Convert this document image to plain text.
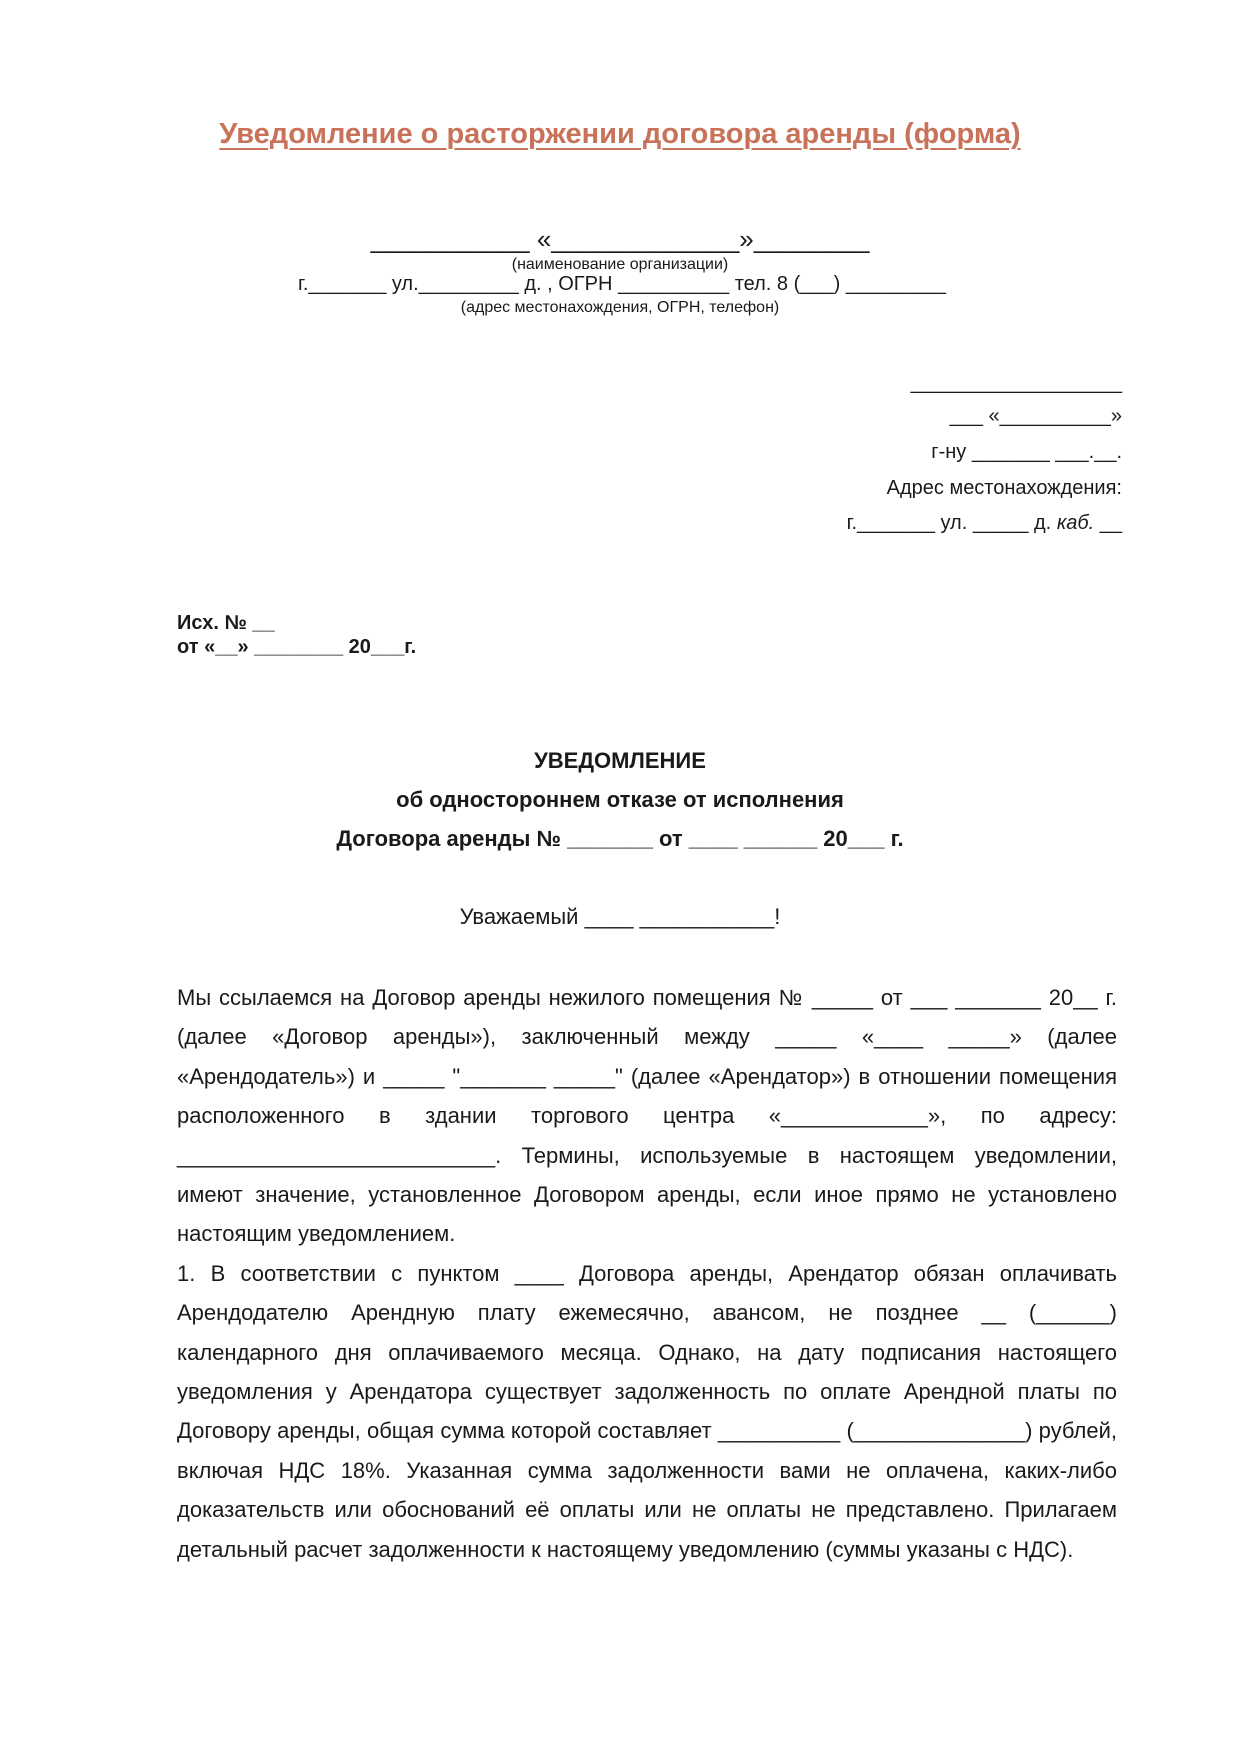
Уведомление о расторжении договора аренды (форма)
___________ «_____________»________
(наименование организации)
г._______ ул._________ д. , ОГРН __________ тел. 8 (___) _________
(адрес местонахождения, ОГРН, телефон)
___________________
___ «__________»
г-ну _______ ___.__.
Адрес местонахождения:
г._______ ул. _____ д. каб. __
Исх. № __
от «__» ________ 20___г.
УВЕДОМЛЕНИЕ
об одностороннем отказе от исполнения
Договора аренды № _______ от ____ ______ 20___ г.
Уважаемый ____ ___________!

Мы ссылаемся на Договор аренды нежилого помещения № _____ от ___ _______ 20__ г. (далее «Договор аренды»), заключенный между _____ «____ _____» (далее «Арендодатель») и _____ "_______ _____" (далее «Арендатор») в отношении помещения расположенного в здании торгового центра «____________», по адресу: __________________________. Термины, используемые в настоящем уведомлении, имеют значение, установленное Договором аренды, если иное прямо не установлено настоящим уведомлением.

1. В соответствии с пунктом ____ Договора аренды, Арендатор обязан оплачивать Арендодателю Арендную плату ежемесячно, авансом, не позднее __ (______) календарного дня оплачиваемого месяца. Однако, на дату подписания настоящего уведомления у Арендатора существует задолженность по оплате Арендной платы по Договору аренды, общая сумма которой составляет __________ (______________) рублей, включая НДС 18%. Указанная сумма задолженности вами не оплачена, каких-либо доказательств или обоснований её оплаты или не оплаты не представлено. Прилагаем детальный расчет задолженности к настоящему уведомлению (суммы указаны с НДС).
